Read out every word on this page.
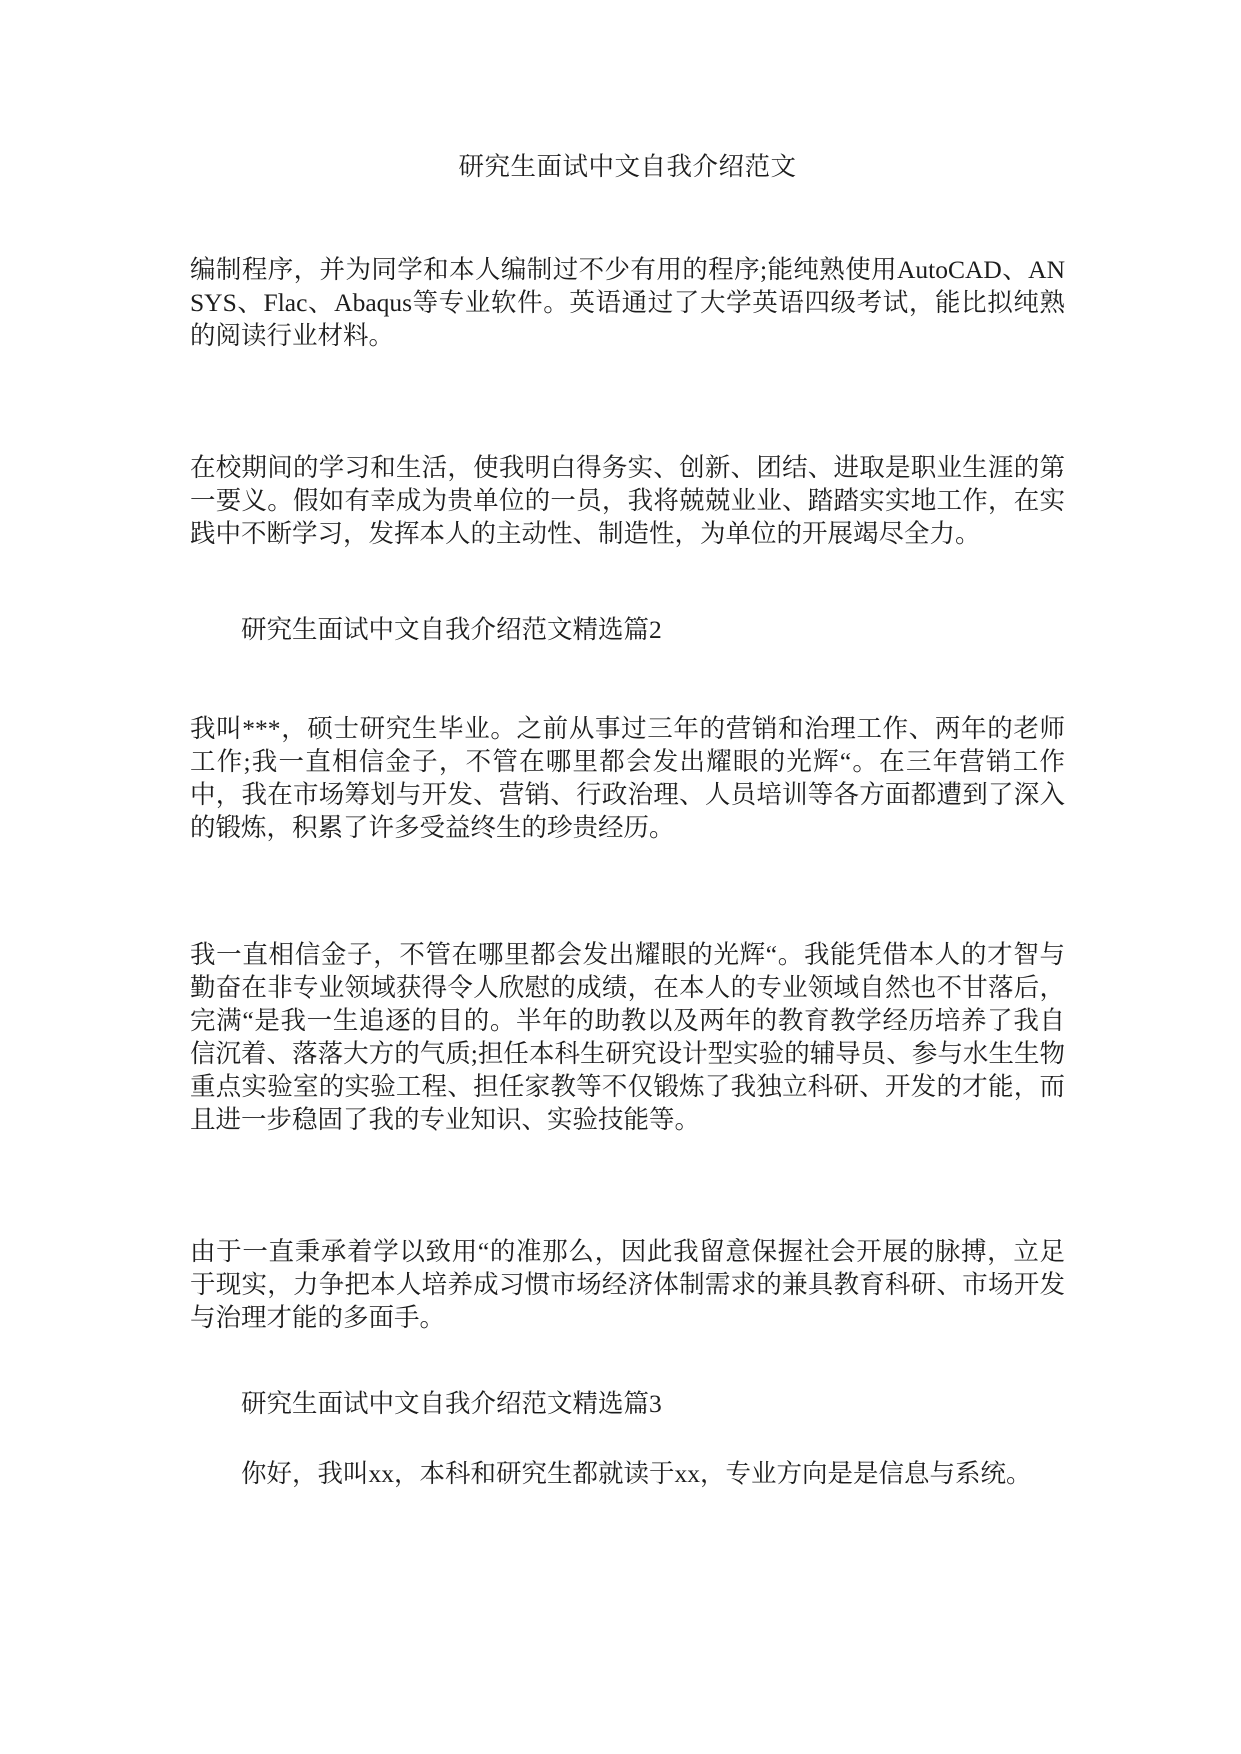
研究生面试中文自我介绍范文

编制程序，并为同学和本人编制过不少有用的程序;能纯熟使用AutoCAD、ANSYS、Flac、Abaqus等专业软件。英语通过了大学英语四级考试，能比拟纯熟的阅读行业材料。

在校期间的学习和生活，使我明白得务实、创新、团结、进取是职业生涯的第一要义。假如有幸成为贵单位的一员，我将兢兢业业、踏踏实实地工作，在实践中不断学习，发挥本人的主动性、制造性，为单位的开展竭尽全力。

研究生面试中文自我介绍范文精选篇2

我叫***，硕士研究生毕业。之前从事过三年的营销和治理工作、两年的老师工作;我一直相信金子，不管在哪里都会发出耀眼的光辉“。在三年营销工作中，我在市场筹划与开发、营销、行政治理、人员培训等各方面都遭到了深入的锻炼，积累了许多受益终生的珍贵经历。

我一直相信金子，不管在哪里都会发出耀眼的光辉“。我能凭借本人的才智与勤奋在非专业领域获得令人欣慰的成绩，在本人的专业领域自然也不甘落后，完满“是我一生追逐的目的。半年的助教以及两年的教育教学经历培养了我自信沉着、落落大方的气质;担任本科生研究设计型实验的辅导员、参与水生生物重点实验室的实验工程、担任家教等不仅锻炼了我独立科研、开发的才能，而且进一步稳固了我的专业知识、实验技能等。

由于一直秉承着学以致用“的准那么，因此我留意保握社会开展的脉搏，立足于现实，力争把本人培养成习惯市场经济体制需求的兼具教育科研、市场开发与治理才能的多面手。

研究生面试中文自我介绍范文精选篇3

你好，我叫xx，本科和研究生都就读于xx，专业方向是是信息与系统。
